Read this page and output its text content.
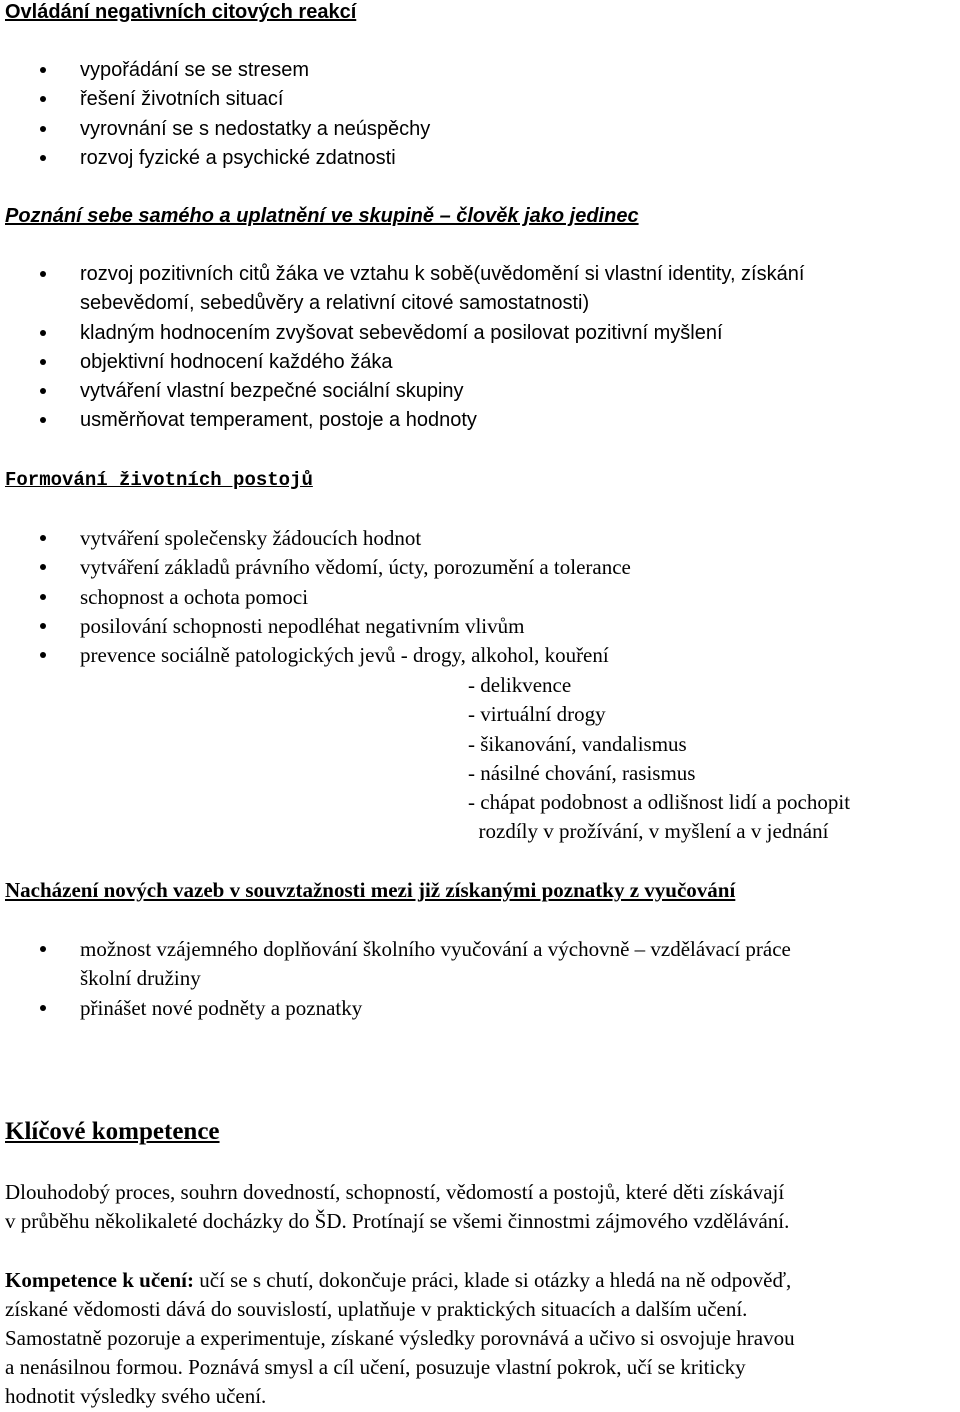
Ovládání negativních citových reakcí
vypořádání se se stresem
řešení životních situací
vyrovnání se s nedostatky a neúspěchy
rozvoj fyzické a psychické zdatnosti
Poznání sebe samého a uplatnění ve skupině – člověk jako jedinec
rozvoj pozitivních citů žáka ve vztahu k sobě(uvědomění si vlastní identity, získání
sebevědomí, sebedůvěry a relativní citové samostatnosti)
kladným hodnocením zvyšovat sebevědomí a posilovat pozitivní myšlení
objektivní hodnocení každého žáka
vytváření vlastní bezpečné sociální skupiny
usměrňovat temperament, postoje a hodnoty
Formování životních postojů
vytváření společensky žádoucích hodnot
vytváření základů právního vědomí, úcty, porozumění a tolerance
schopnost a ochota pomoci
posilování schopnosti nepodléhat negativním vlivům
prevence sociálně patologických jevů - drogy, alkohol, kouření
- delikvence
- virtuální drogy
- šikanování, vandalismus
- násilné chování, rasismus
- chápat podobnost a odlišnost lidí a pochopit
rozdíly v prožívání, v myšlení a v jednání
Nacházení nových vazeb v souvztažnosti mezi již získanými poznatky z vyučování
možnost vzájemného doplňování školního vyučování a výchovně – vzdělávací práce
školní družiny
přinášet nové podněty a poznatky
Klíčové kompetence

Dlouhodobý proces, souhrn dovedností, schopností, vědomostí a postojů, které děti získávají
v průběhu několikaleté docházky do ŠD. Protínají se všemi činnostmi zájmového vzdělávání.

Kompetence k učení: učí se s chutí, dokončuje práci, klade si otázky a hledá na ně odpověď,
získané vědomosti dává do souvislostí, uplatňuje v praktických situacích a dalším učení.
Samostatně pozoruje a experimentuje, získané výsledky porovnává a učivo si osvojuje hravou
a nenásilnou formou. Poznává smysl a cíl učení, posuzuje vlastní pokrok, učí se kriticky
hodnotit výsledky svého učení.
